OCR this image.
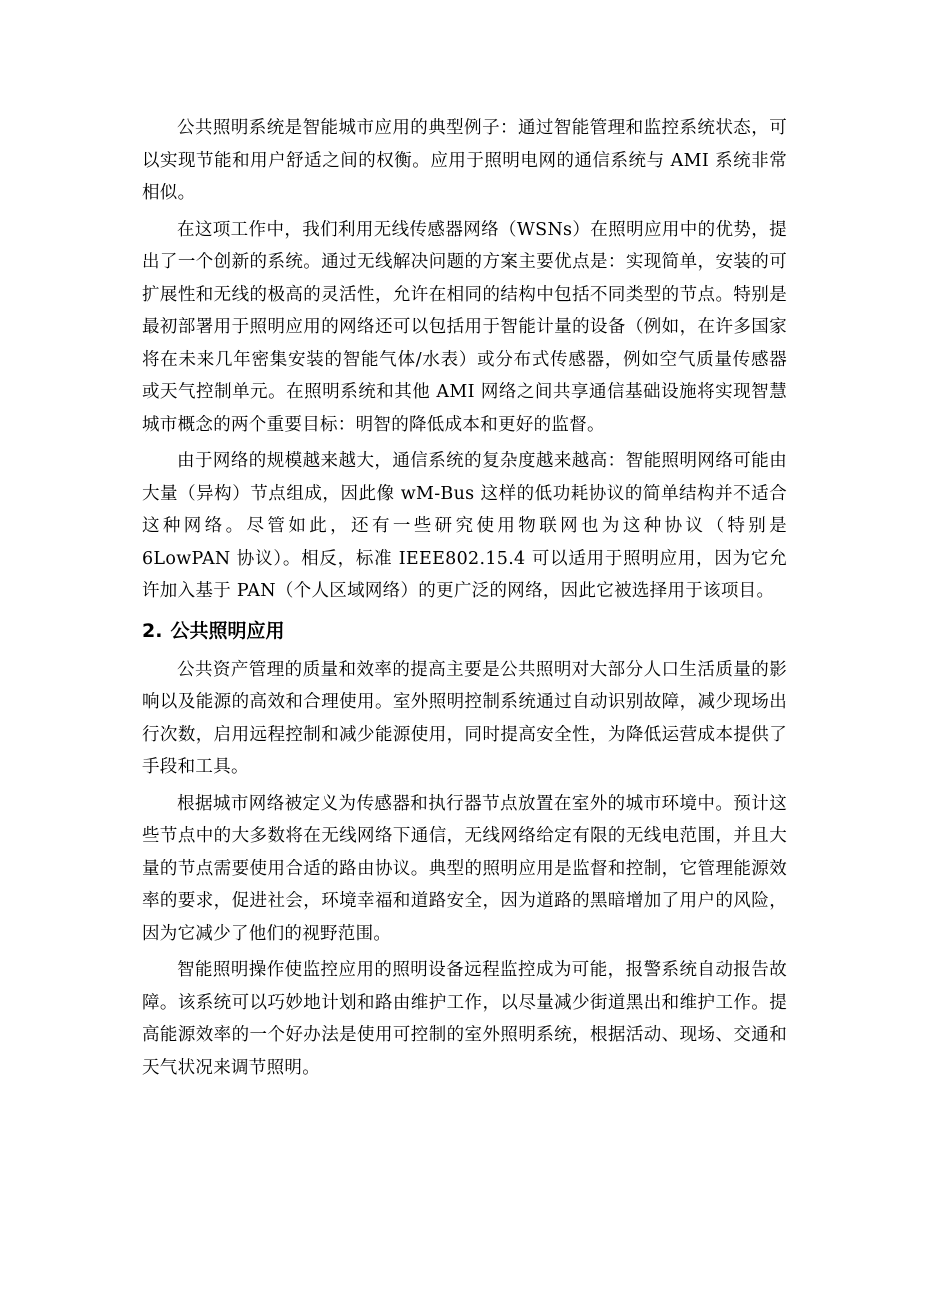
公共照明系统是智能城市应用的典型例子：通过智能管理和监控系统状态，可以实现节能和用户舒适之间的权衡。应用于照明电网的通信系统与 AMI 系统非常相似。

在这项工作中，我们利用无线传感器网络（WSNs）在照明应用中的优势，提出了一个创新的系统。通过无线解决问题的方案主要优点是：实现简单，安装的可扩展性和无线的极高的灵活性，允许在相同的结构中包括不同类型的节点。特别是最初部署用于照明应用的网络还可以包括用于智能计量的设备（例如，在许多国家将在未来几年密集安装的智能气体/水表）或分布式传感器，例如空气质量传感器或天气控制单元。在照明系统和其他 AMI 网络之间共享通信基础设施将实现智慧城市概念的两个重要目标：明智的降低成本和更好的监督。

由于网络的规模越来越大，通信系统的复杂度越来越高：智能照明网络可能由大量（异构）节点组成，因此像 wM-Bus 这样的低功耗协议的简单结构并不适合这种网络。尽管如此，还有一些研究使用物联网也为这种协议（特别是 6LowPAN 协议）。相反，标准 IEEE802.15.4 可以适用于照明应用，因为它允许加入基于 PAN（个人区域网络）的更广泛的网络，因此它被选择用于该项目。

2. 公共照明应用

公共资产管理的质量和效率的提高主要是公共照明对大部分人口生活质量的影响以及能源的高效和合理使用。室外照明控制系统通过自动识别故障，减少现场出行次数，启用远程控制和减少能源使用，同时提高安全性，为降低运营成本提供了手段和工具。

根据城市网络被定义为传感器和执行器节点放置在室外的城市环境中。预计这些节点中的大多数将在无线网络下通信，无线网络给定有限的无线电范围，并且大量的节点需要使用合适的路由协议。典型的照明应用是监督和控制，它管理能源效率的要求，促进社会，环境幸福和道路安全，因为道路的黑暗增加了用户的风险，因为它减少了他们的视野范围。

智能照明操作使监控应用的照明设备远程监控成为可能，报警系统自动报告故障。该系统可以巧妙地计划和路由维护工作，以尽量减少街道黑出和维护工作。提高能源效率的一个好办法是使用可控制的室外照明系统，根据活动、现场、交通和天气状况来调节照明。
